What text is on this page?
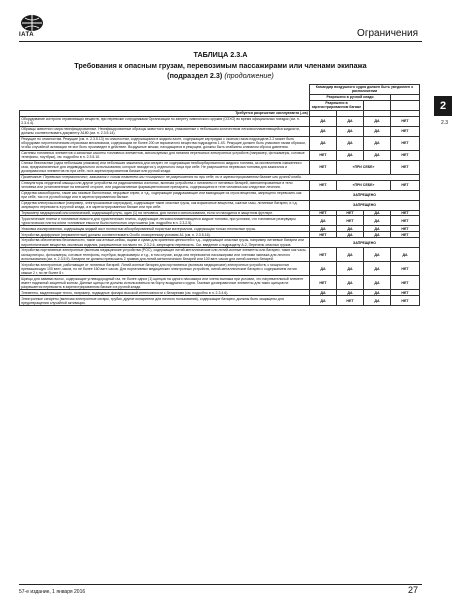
IATA	Ограничения
ТАБЛИЦА 2.3.А
Требования к опасным грузам, перевозимым пассажирами или членами экипажа
(подраздел 2.3) (продолжение)
2
2.3
	Командир воздушного судна должен быть уведомлен о расположении			
	Разрешено в ручной клади			
	Разрешено в зарегистрированном багаже			
Требуется разрешение эксплуатанта (-ов)				
Оборудование контроля отравляющих веществ, при перевозке сотрудниками Организации по запрету химического оружия (ОЗХО) во время официальных поездок (см. п. 2.3.4.4).	ДА	ДА	ДА	НЕТ
Образцы животного мира неинфицированные. Неинфицированные образцы животного мира, упакованные с небольшим количеством легковоспламеняющейся жидкости, должны соответствовать документу A180 (см. п. 2.3.5.14).	ДА	ДА	ДА	НЕТ
Режущие по опасностям. Режущие (см. п. 2.3.5.13) по опасностям, содержащимся в жидком азоте, содержащие картриджи с сжатым газом подраздела 2.2 может быть оборудован пиротехническим спусковым механизмом, содержащим не более 200 мг взрывчатого вещества подраздела 1.4S. Режущие должен быть упакован таким образом, чтобы случайной активации не мог быть произведен в действие. Воздушные мешки, находящиеся в режущем, должны быть снабжены клапаном сброса давления.	ДА	ДА	ДА	НЕТ
Системы топливных элементов и запасные кассеты топливных элементов, используемых для питания переносных электронных устройств (например, фотокамеры, сотовые телефоны, ноутбуки), см. подробно в п. 2.3.5.10.	НЕТ	ДА	ДА	НЕТ
Спички безопасные (одна небольшая упаковка) или небольшая зажигалка для сигарет, не содержащая неабсорбированного жидкого топлива, за исключением сжиженного газа, предназначенные для индивидуального использования, которые находятся у отдельного лица при себе. Не разрешается перевозка топлива для зажигалок и дозаправочных элементов ни при себе, ни в зарегистрированном багаже или ручной клади.	НЕТ	«ПРИ СЕБЕ»		НЕТ
Примечание: Перевозка «термоспичек», зажигалок с синим пламенем или «сигарных» не разрешается ни при себе, ни в зарегистрированном багаже или ручной клади.				
Стимуляторы сердечной мышцы или другие устройства на радиоактивных изотопах, включая устройства с питанием от литиевых батарей, имплантированные в тело человека или установленные на внешней стороне, или радиоактивные фармацевтические препараты, содержащиеся в теле человека как следствие лечения.	НЕТ	«ПРИ СЕБЕ»		НЕТ
Средства самообороны, такие как газовые баллончики, перцовые спреи, и т.д., содержащие раздражающие или выводящие из строя вещества, запрещено перевозить как при себе, так и в ручной клади или в зарегистрированном багаже.	ЗАПРЕЩЕНО			
Средства электрошоковые (например, электрошоковые картриджи), содержащие такие опасные грузы, как взрывчатые вещества, сжатые газы, литиевые батареи, и т.д. запрещено перевозить в ручной клади, а в зарегистрированном багаже или при себе.	ЗАПРЕЩЕНО			
Термометр медицинский или клинический, содержащий ртуть, один (1) на человека, для личного использования, если он находится в защитном футляре.	НЕТ	НЕТ	ДА	НЕТ
Туристические плитки и топливные емкости для туристических плиток, содержащие легковоспламеняющееся жидкое топливо, при условии, что топливные резервуары туристических плиток и/или топливные емкости были полностью опустошены (см. подробно в п. 2.3.2.5).	ДА	НЕТ	ДА	НЕТ
Упаковка изолированная, содержащая жидкий азот полностью абсорбированный пористым материалом, содержащая только неопасные грузы.	ДА	ДА	ДА	НЕТ
Устройства диффузные (перманентные) должны соответствовать Особо оговоренному условию А1 (см. п. 2.3.5.16).	НЕТ	ДА	ДА	НЕТ
Устройства обеспечения безопасности, такие как атташе-кейсы, ящики и сумки для хранения ценностей и т.д., содержащие опасные грузы, например литиевые батареи или пиротехнические вещества, исключая изделия, разрешенные согласно пп. 2.3.2.6, запрещено перевозить. См. введение к подразделу А.2, Перечень опасных грузов.	ЗАПРЕЩЕНО			
Устройства портативные электронные (включая медицинские устройства (POC), содержащие литий-металлические или литий-ионные элементы или батареи, такие как часы, калькуляторы, фотокамеры, сотовые телефоны, ноутбуки, видеокамеры и т.д., в том случае, когда они перевозятся пассажирами или членами экипажа для личного использования (см. п. 2.3.5.9). Батареи не должны превышать 2 грамма для литий-металлических батарей или 100 ватт-часов для литий-ионных батарей.	НЕТ	ДА	ДА	ДА
Устройства электронные, работающие от литиевых батарей. Литий-ионные батареи для портативных (включая медицинские) электронных устройств, с мощностью превышающую 100 ватт-часов, но не более 160 ватт-часов. Для портативных медицинских электронных устройств, литий-металлические батареи с содержанием лития свыше 2 г, но не более 8 г.	ДА	ДА	ДА	НЕТ
Щипцы для завивки волос, содержащие углеводородный газ, не более одних (1) щипцов на одного пассажира или члена экипажа при условии, что нагревательный элемент имеет надежный защитный колпак. Данные щипцы не должны использоваться на борту воздушного судна. Газовые дозаправочные элементы для таких щипцов не разрешается перевозить в зарегистрированном багаже и в ручной клади.	НЕТ	ДА	ДА	НЕТ
Элементы, выделяющие тепло, например, подводные фонари высокой интенсивности с батареями (см. подробно в п. 2.3.4.6).	ДА	ДА	ДА	НЕТ
Электронные сигареты (включая электронные сигары, трубки, другие испарители для личного пользования), содержащие батареи, должны быть защищены для предотвращения случайной активации.	ДА	НЕТ	ДА	НЕТ
57-е издание, 1 января 2016	27
